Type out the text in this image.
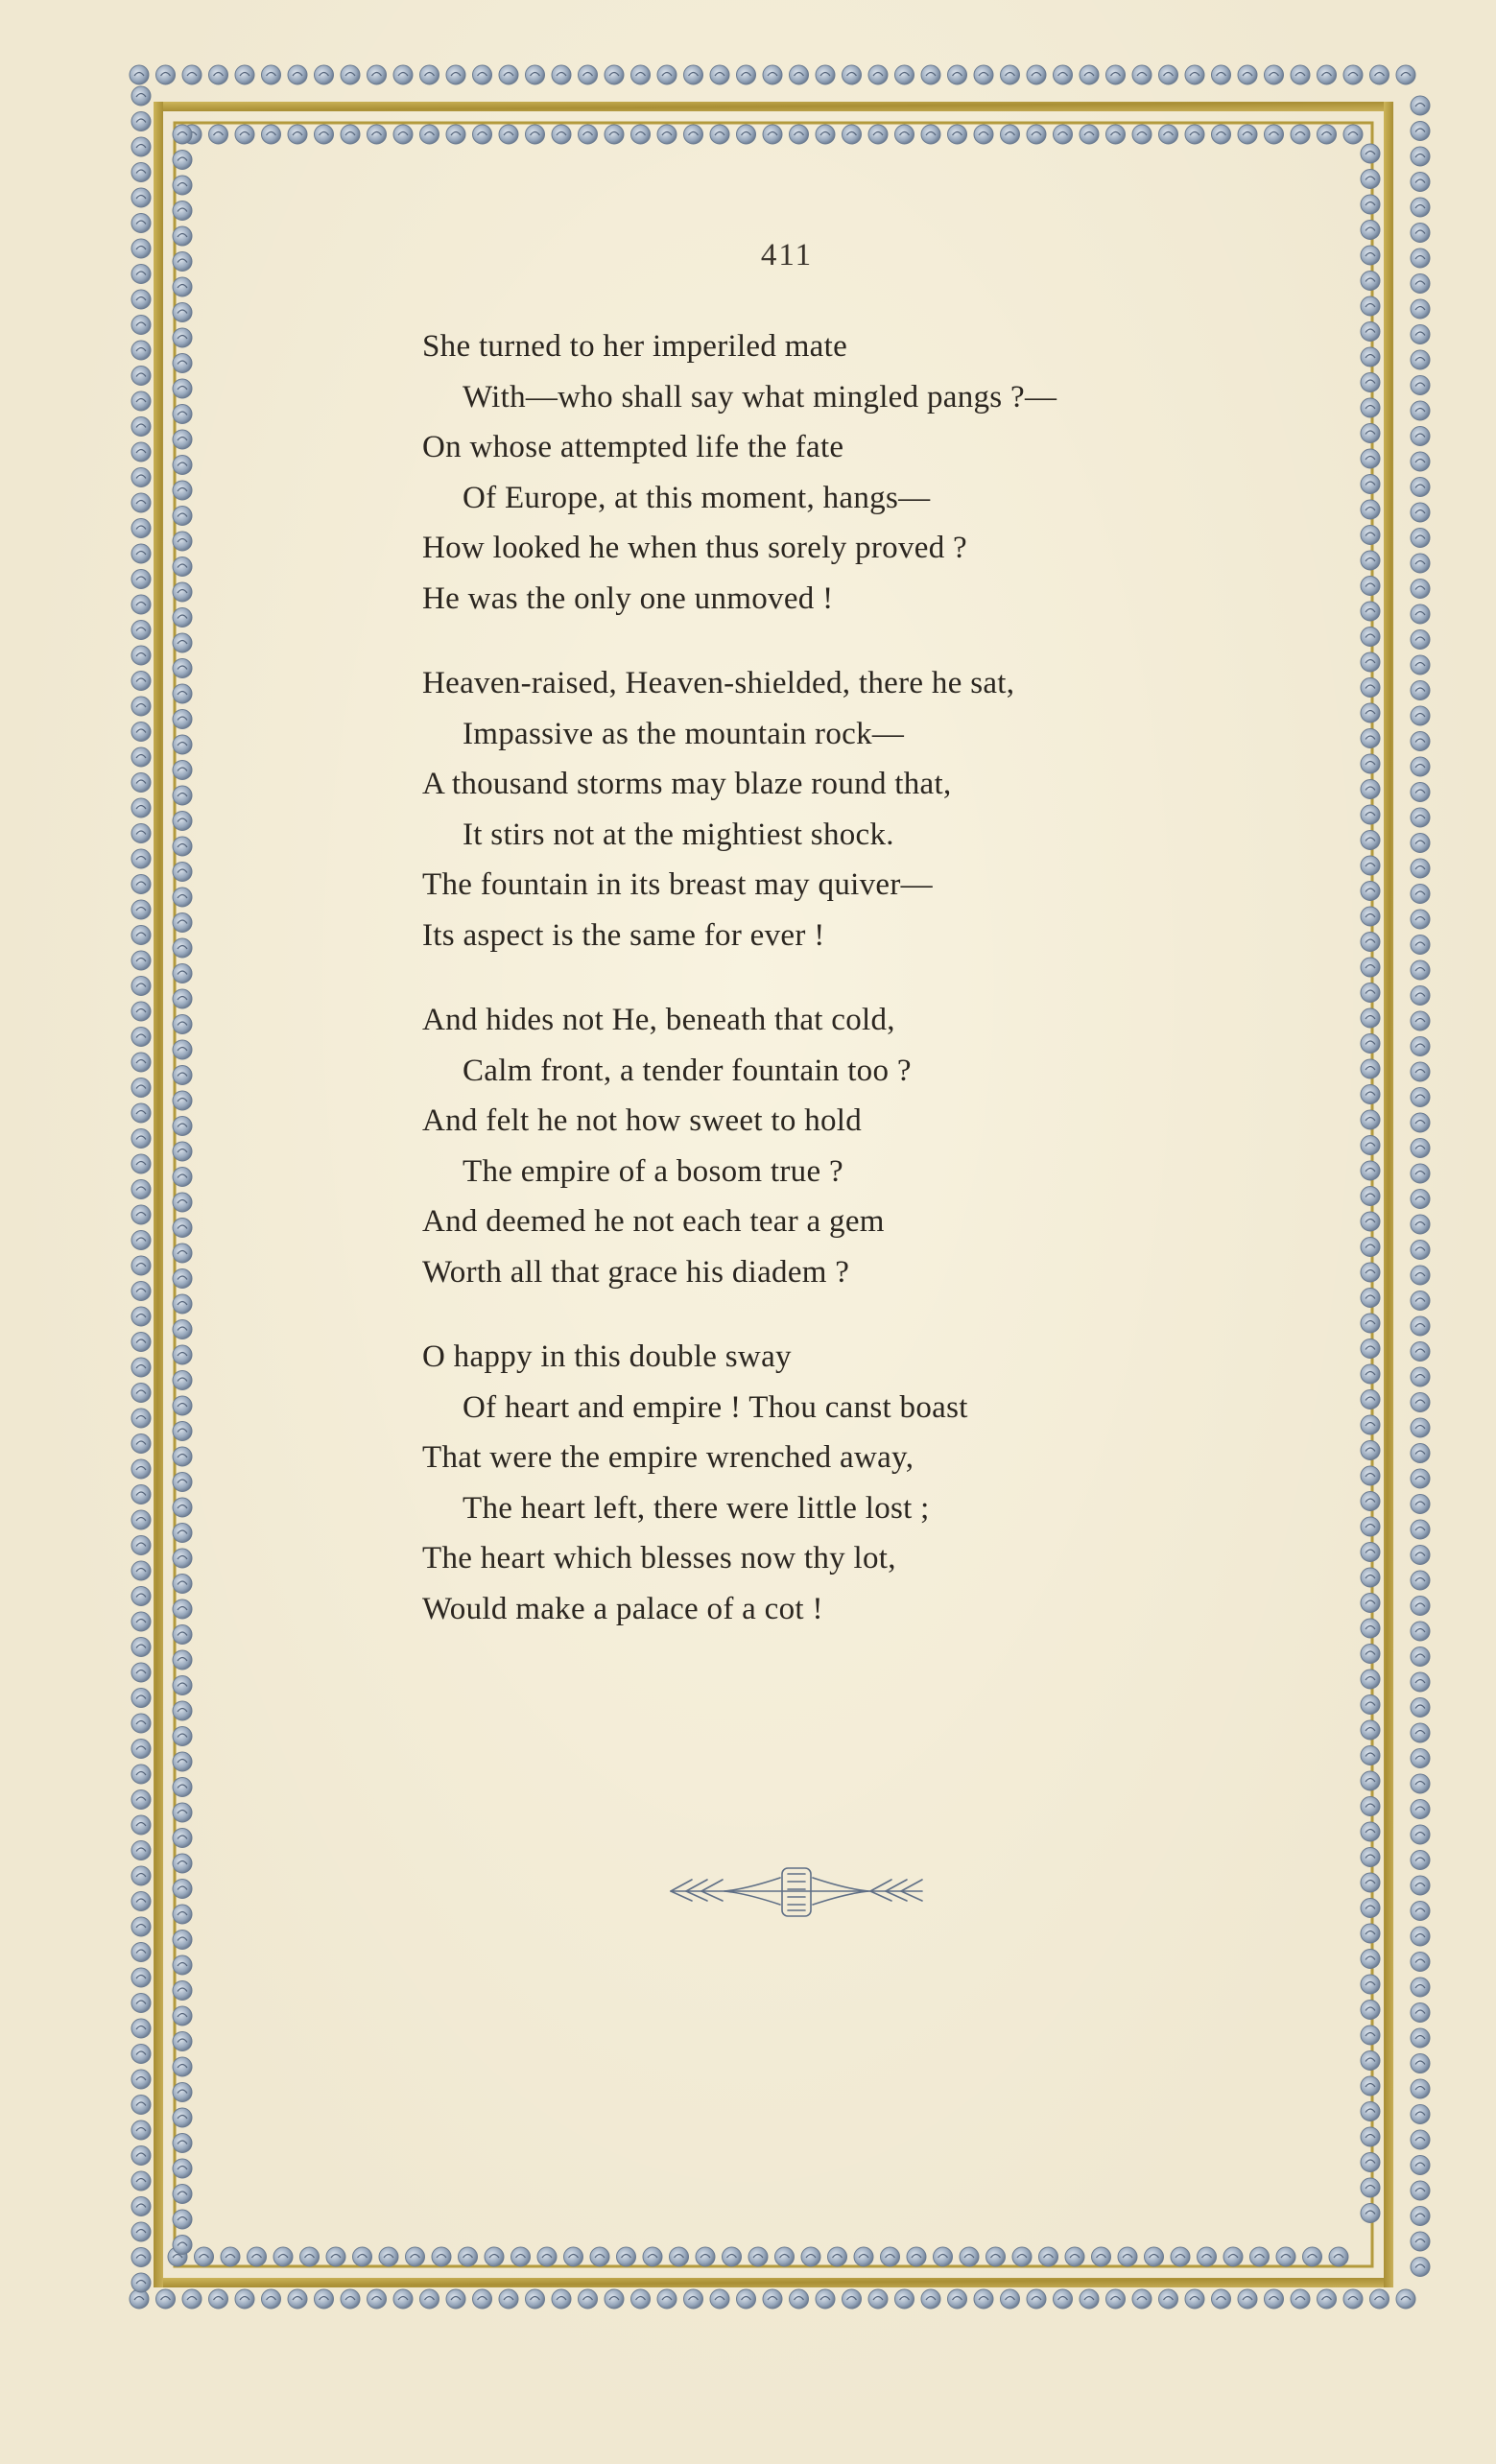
411
She turned to her imperiled mate
With—who shall say what mingled pangs ?—
On whose attempted life the fate
Of Europe, at this moment, hangs—
How looked he when thus sorely proved ?
He was the only one unmoved !
Heaven-raised, Heaven-shielded, there he sat,
Impassive as the mountain rock—
A thousand storms may blaze round that,
It stirs not at the mightiest shock.
The fountain in its breast may quiver—
Its aspect is the same for ever !
And hides not He, beneath that cold,
Calm front, a tender fountain too ?
And felt he not how sweet to hold
The empire of a bosom true ?
And deemed he not each tear a gem
Worth all that grace his diadem ?
O happy in this double sway
Of heart and empire ! Thou canst boast
That were the empire wrenched away,
The heart left, there were little lost ;
The heart which blesses now thy lot,
Would make a palace of a cot !
